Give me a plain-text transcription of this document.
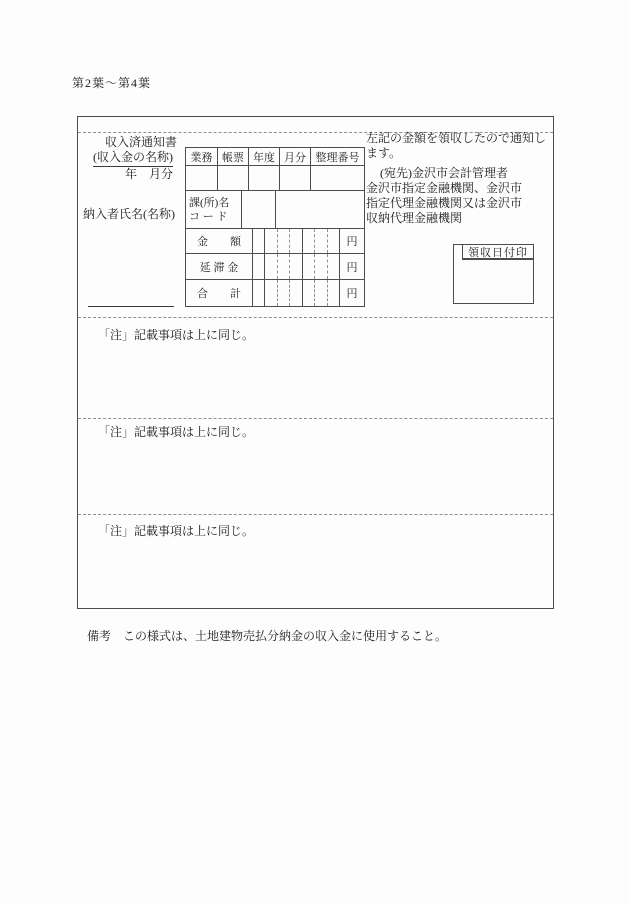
第2葉～第4葉
収入済通知書
(収入金の名称)
年　月分
納入者氏名(名称)
業務 帳票 年度 月分 整理番号
課(所)名
コ ー ド
金　　額	円
延 滞 金	円
合　　計	円

左記の金額を領収したので通知し

ます。

(宛先)金沢市会計管理者

金沢市指定金融機関、金沢市

指定代理金融機関又は金沢市

収納代理金融機関

領収日付印
「注」記載事項は上に同じ。
「注」記載事項は上に同じ。
「注」記載事項は上に同じ。
備考　この様式は、土地建物売払分納金の収入金に使用すること。
